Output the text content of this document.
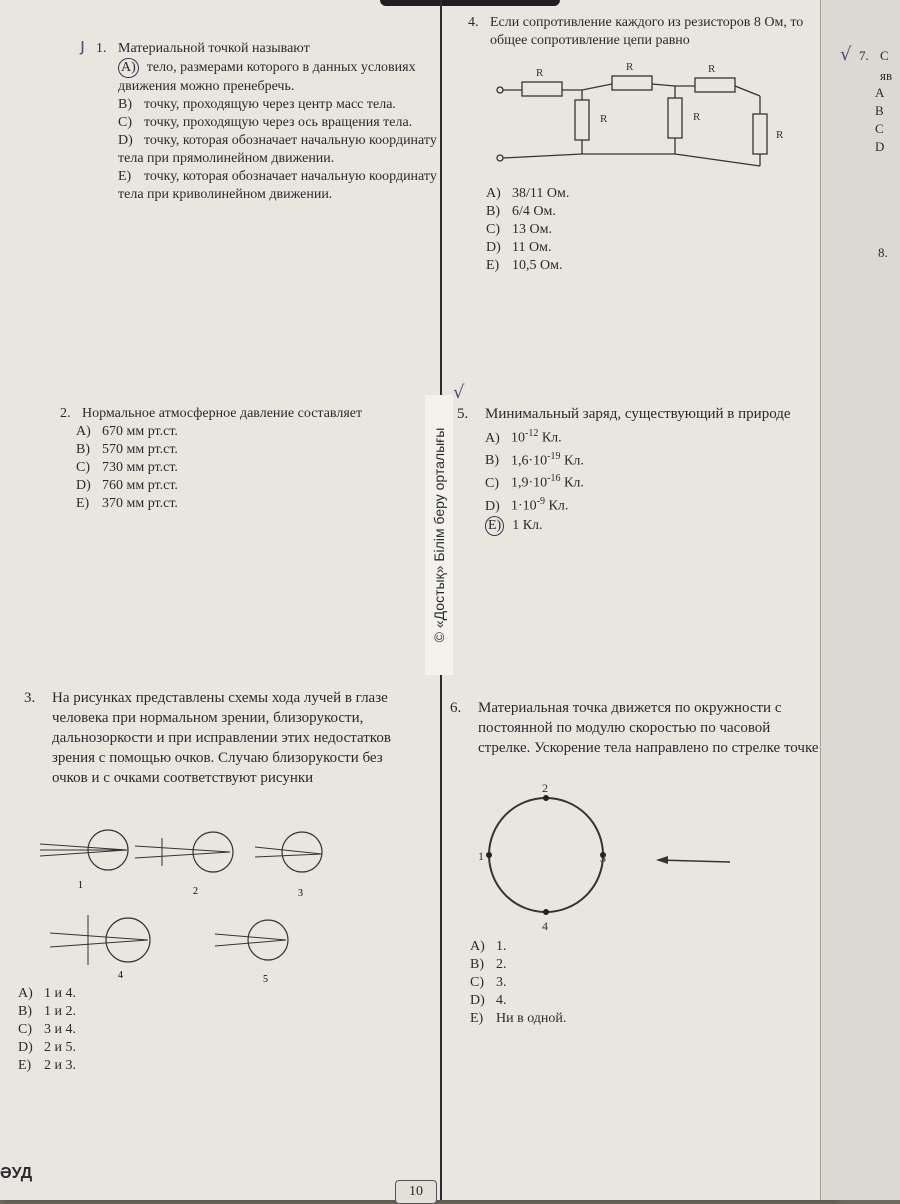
ȷ 1. Материальной точкой называют

A) тело, размерами которого в данных условиях движения можно пренебречь.
B) точку, проходящую через центр масс тела.
C) точку, проходящую через ось вращения тела.
D) точку, которая обозначает начальную координату тела при прямолинейном движении.
E) точку, которая обозначает начальную координату тела при криволинейном движении.
2. Нормальное атмосферное давление составляет

A) 670 мм рт.ст.
B) 570 мм рт.ст.
C) 730 мм рт.ст.
D) 760 мм рт.ст.
E) 370 мм рт.ст.
3. На рисунках представлены схемы хода лучей в глазе человека при нормальном зрении, близорукости, дальнозоркости и при исправлении этих недостатков зрения с помощью очков. Случаю близорукости без очков и с очками соответствуют рисунки

1
2	3
4	5
A) 1 и 4.
B) 1 и 2.
C) 3 и 4.
D) 2 и 5.
E) 2 и 3.
4. Если сопротивление каждого из резисторов 8 Ом, то общее сопротивление цепи равно

R	R	R
R	R
R
A) 38/11 Ом.
B) 6/4 Ом.
C) 13 Ом.
D) 11 Ом.
E) 10,5 Ом.
© «Достық» Білім беру орталығы
√
5. Минимальный заряд, существующий в природе

A) $10^{-12}$ Кл.
B) $1,6\cdot 10^{-19}$ Кл.
C) $1,9\cdot 10^{-16}$ Кл.
D) $1\cdot 10^{-9}$ Кл.
E) 1 Кл.
6. Материальная точка движется по окружности с постоянной по модулю скоростью по часовой стрелке. Ускорение тела направлено по стрелке точке

2
1	3
4
A) 1.
B) 2.
C) 3.
D) 4.
E) Ни в одной.
√ 7. С
яв
A
B
C
D
8.
ӘУД
10
